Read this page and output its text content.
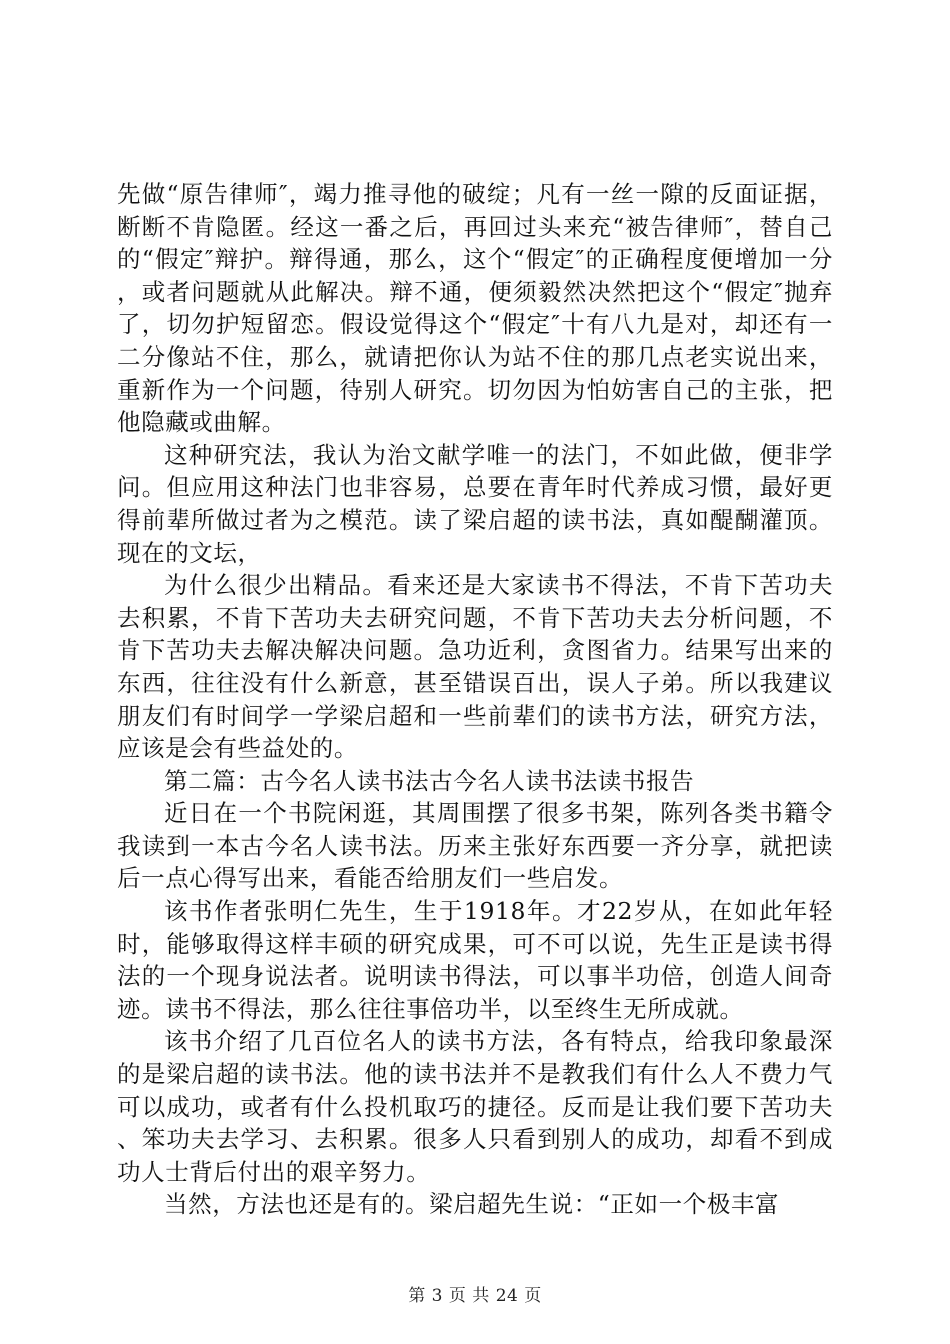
先做“原告律师″，竭力推寻他的破绽；凡有一丝一隙的反面证据，断断不肯隐匿。经这一番之后，再回过头来充“被告律师″，替自己的“假定″辩护。辩得通，那么，这个“假定″的正确程度便增加一分，或者问题就从此解决。辩不通，便须毅然决然把这个“假定″抛弃了，切勿护短留恋。假设觉得这个“假定″十有八九是对，却还有一二分像站不住，那么，就请把你认为站不住的那几点老实说出来，重新作为一个问题，待别人研究。切勿因为怕妨害自己的主张，把他隐藏或曲解。

这种研究法，我认为治文献学唯一的法门，不如此做，便非学问。但应用这种法门也非容易，总要在青年时代养成习惯，最好更得前辈所做过者为之模范。读了梁启超的读书法，真如醍醐灌顶。现在的文坛，

为什么很少出精品。看来还是大家读书不得法，不肯下苦功夫去积累，不肯下苦功夫去研究问题，不肯下苦功夫去分析问题，不肯下苦功夫去解决解决问题。急功近利，贪图省力。结果写出来的东西，往往没有什么新意，甚至错误百出，误人子弟。所以我建议朋友们有时间学一学梁启超和一些前辈们的读书方法，研究方法，应该是会有些益处的。

第二篇：古今名人读书法古今名人读书法读书报告

近日在一个书院闲逛，其周围摆了很多书架，陈列各类书籍令我读到一本古今名人读书法。历来主张好东西要一齐分享，就把读后一点心得写出来，看能否给朋友们一些启发。

该书作者张明仁先生，生于1918年。才22岁从，在如此年轻时，能够取得这样丰硕的研究成果，可不可以说，先生正是读书得法的一个现身说法者。说明读书得法，可以事半功倍，创造人间奇迹。读书不得法，那么往往事倍功半，以至终生无所成就。

该书介绍了几百位名人的读书方法，各有特点，给我印象最深的是梁启超的读书法。他的读书法并不是教我们有什么人不费力气可以成功，或者有什么投机取巧的捷径。反而是让我们要下苦功夫、笨功夫去学习、去积累。很多人只看到别人的成功，却看不到成功人士背后付出的艰辛努力。

当然，方法也还是有的。梁启超先生说：“正如一个极丰富

第 3 页 共 24 页
